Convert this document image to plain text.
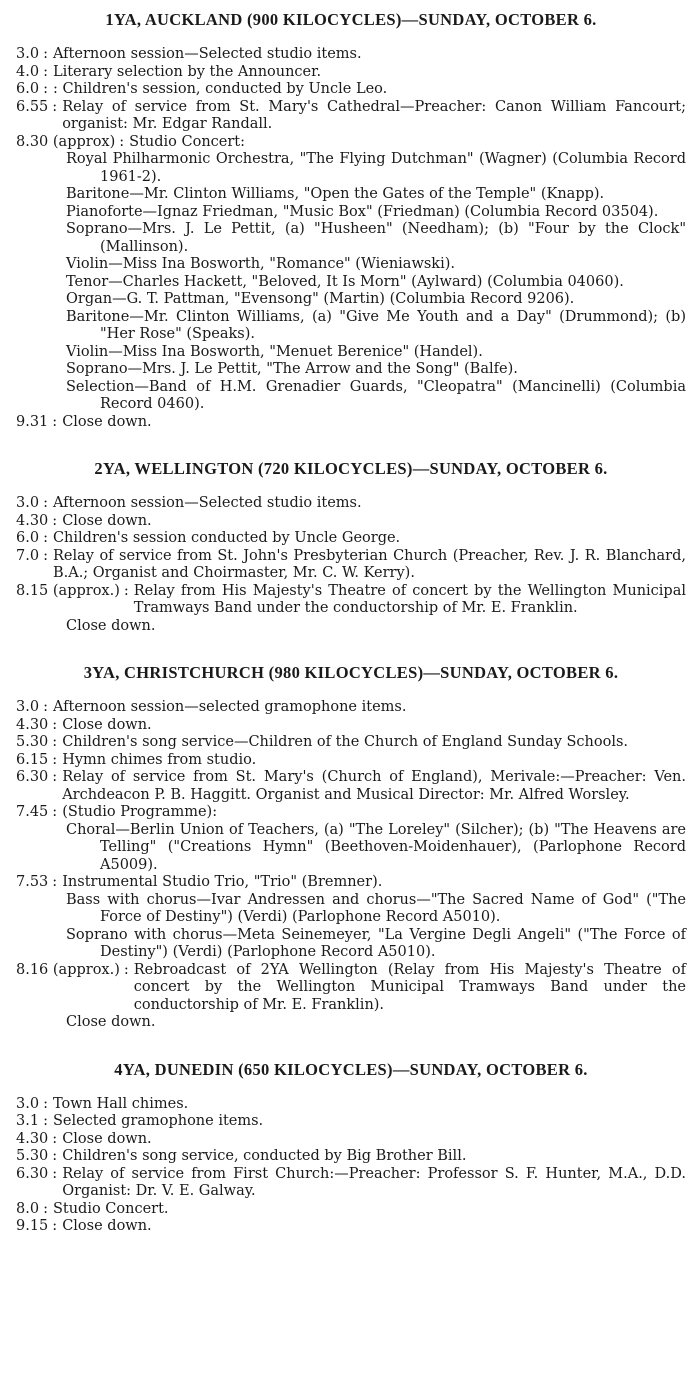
1YA, AUCKLAND (900 KILOCYCLES)—SUNDAY, OCTOBER 6.
3.0 : Afternoon session—Selected studio items.
4.0 : Literary selection by the Announcer.
6.0 : : Children's session, conducted by Uncle Leo.
6.55 : Relay of service from St. Mary's Cathedral—Preacher: Canon William Fancourt; organist: Mr. Edgar Randall.
8.30 (approx) : Studio Concert:
Royal Philharmonic Orchestra, "The Flying Dutchman" (Wagner) (Columbia Record 1961-2).
Baritone—Mr. Clinton Williams, "Open the Gates of the Temple" (Knapp).
Pianoforte—Ignaz Friedman, "Music Box" (Friedman) (Columbia Record 03504).
Soprano—Mrs. J. Le Pettit, (a) "Husheen" (Needham); (b) "Four by the Clock" (Mallinson).
Violin—Miss Ina Bosworth, "Romance" (Wieniawski).
Tenor—Charles Hackett, "Beloved, It Is Morn" (Aylward) (Columbia 04060).
Organ—G. T. Pattman, "Evensong" (Martin) (Columbia Record 9206).
Baritone—Mr. Clinton Williams, (a) "Give Me Youth and a Day" (Drummond); (b) "Her Rose" (Speaks).
Violin—Miss Ina Bosworth, "Menuet Berenice" (Handel).
Soprano—Mrs. J. Le Pettit, "The Arrow and the Song" (Balfe).
Selection—Band of H.M. Grenadier Guards, "Cleopatra" (Mancinelli) (Columbia Record 0460).
9.31 : Close down.
2YA, WELLINGTON (720 KILOCYCLES)—SUNDAY, OCTOBER 6.
3.0 : Afternoon session—Selected studio items.
4.30 : Close down.
6.0 : Children's session conducted by Uncle George.
7.0 : Relay of service from St. John's Presbyterian Church (Preacher, Rev. J. R. Blanchard, B.A.; Organist and Choirmaster, Mr. C. W. Kerry).
8.15 (approx.) : Relay from His Majesty's Theatre of concert by the Wellington Municipal Tramways Band under the conductorship of Mr. E. Franklin.
Close down.
3YA, CHRISTCHURCH (980 KILOCYCLES)—SUNDAY, OCTOBER 6.
3.0 : Afternoon session—selected gramophone items.
4.30 : Close down.
5.30 : Children's song service—Children of the Church of England Sunday Schools.
6.15 : Hymn chimes from studio.
6.30 : Relay of service from St. Mary's (Church of England), Merivale:—Preacher: Ven. Archdeacon P. B. Haggitt. Organist and Musical Director: Mr. Alfred Worsley.
7.45 : (Studio Programme):
Choral—Berlin Union of Teachers, (a) "The Loreley" (Silcher); (b) "The Heavens are Telling" ("Creations Hymn" (Beethoven-Moidenhauer), (Parlophone Record A5009).
7.53 : Instrumental Studio Trio, "Trio" (Bremner).
Bass with chorus—Ivar Andressen and chorus—"The Sacred Name of God" ("The Force of Destiny") (Verdi) (Parlophone Record A5010).
Soprano with chorus—Meta Seinemeyer, "La Vergine Degli Angeli" ("The Force of Destiny") (Verdi) (Parlophone Record A5010).
8.16 (approx.) : Rebroadcast of 2YA Wellington (Relay from His Majesty's Theatre of concert by the Wellington Municipal Tramways Band under the conductorship of Mr. E. Franklin).
Close down.
4YA, DUNEDIN (650 KILOCYCLES)—SUNDAY, OCTOBER 6.
3.0 : Town Hall chimes.
3.1 : Selected gramophone items.
4.30 : Close down.
5.30 : Children's song service, conducted by Big Brother Bill.
6.30 : Relay of service from First Church:—Preacher: Professor S. F. Hunter, M.A., D.D. Organist: Dr. V. E. Galway.
8.0 : Studio Concert.
9.15 : Close down.
